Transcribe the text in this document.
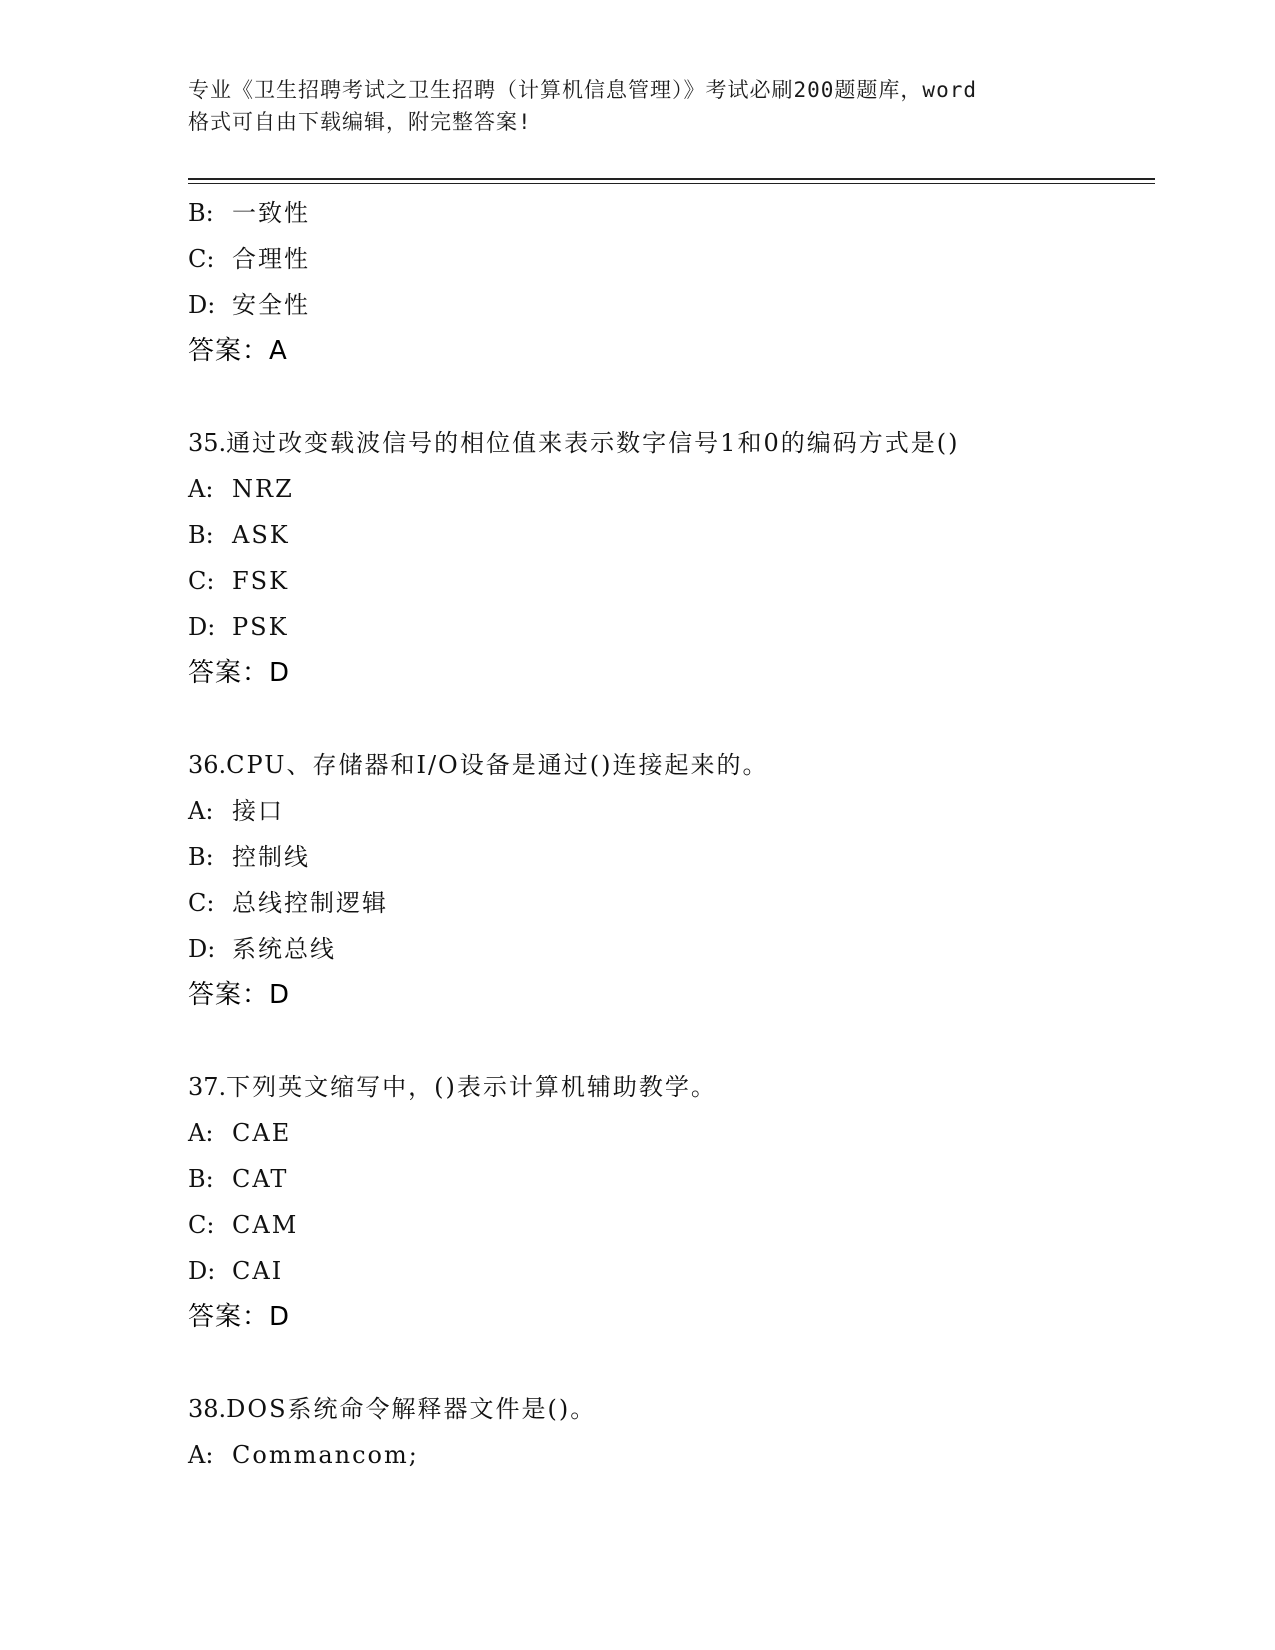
专业《卫生招聘考试之卫生招聘（计算机信息管理）》考试必刷200题题库，word
格式可自由下载编辑，附完整答案!
B: 一致性
C: 合理性
D: 安全性
答案：A
35.通过改变载波信号的相位值来表示数字信号1和0的编码方式是()
A: NRZ
B: ASK
C: FSK
D: PSK
答案：D
36.CPU、存储器和I/O设备是通过()连接起来的。
A: 接口
B: 控制线
C: 总线控制逻辑
D: 系统总线
答案：D
37.下列英文缩写中，()表示计算机辅助教学。
A: CAE
B: CAT
C: CAM
D: CAI
答案：D
38.DOS系统命令解释器文件是()。
A: Commancom;
